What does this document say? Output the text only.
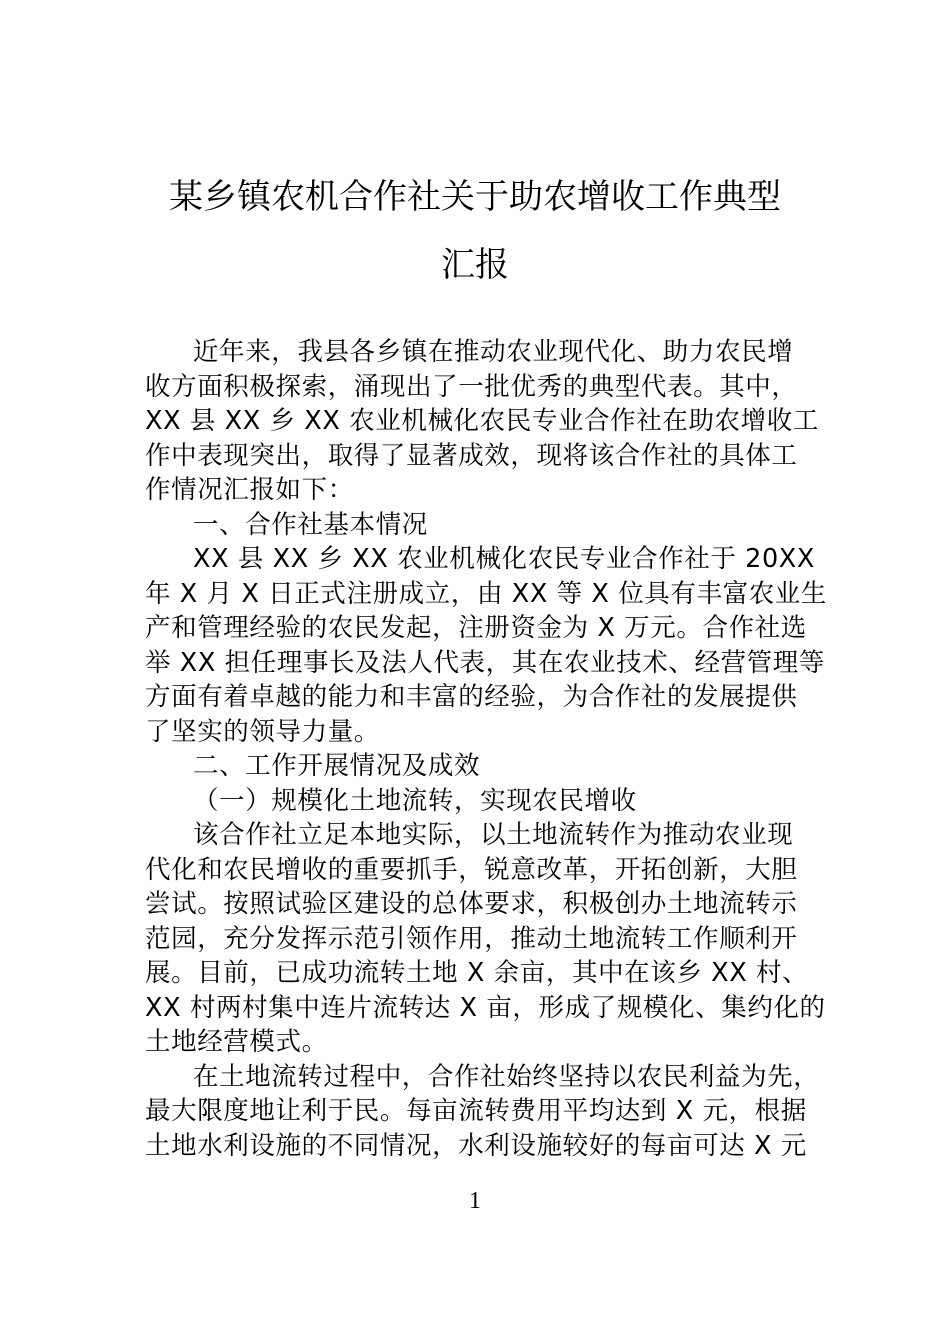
某乡镇农机合作社关于助农增收工作典型
汇报
近年来，我县各乡镇在推动农业现代化、助力农民增
收方面积极探索，涌现出了一批优秀的典型代表。其中，
XX 县 XX 乡 XX 农业机械化农民专业合作社在助农增收工
作中表现突出，取得了显著成效，现将该合作社的具体工
作情况汇报如下：
一、合作社基本情况
XX 县 XX 乡 XX 农业机械化农民专业合作社于 20XX
年 X 月 X 日正式注册成立，由 XX 等 X 位具有丰富农业生
产和管理经验的农民发起，注册资金为 X 万元。合作社选
举 XX 担任理事长及法人代表，其在农业技术、经营管理等
方面有着卓越的能力和丰富的经验，为合作社的发展提供
了坚实的领导力量。
二、工作开展情况及成效
（一）规模化土地流转，实现农民增收
该合作社立足本地实际，以土地流转作为推动农业现
代化和农民增收的重要抓手，锐意改革，开拓创新，大胆
尝试。按照试验区建设的总体要求，积极创办土地流转示
范园，充分发挥示范引领作用，推动土地流转工作顺利开
展。目前，已成功流转土地 X 余亩，其中在该乡 XX 村、
XX 村两村集中连片流转达 X 亩，形成了规模化、集约化的
土地经营模式。
在土地流转过程中，合作社始终坚持以农民利益为先，
最大限度地让利于民。每亩流转费用平均达到 X 元，根据
土地水利设施的不同情况，水利设施较好的每亩可达 X 元
1
